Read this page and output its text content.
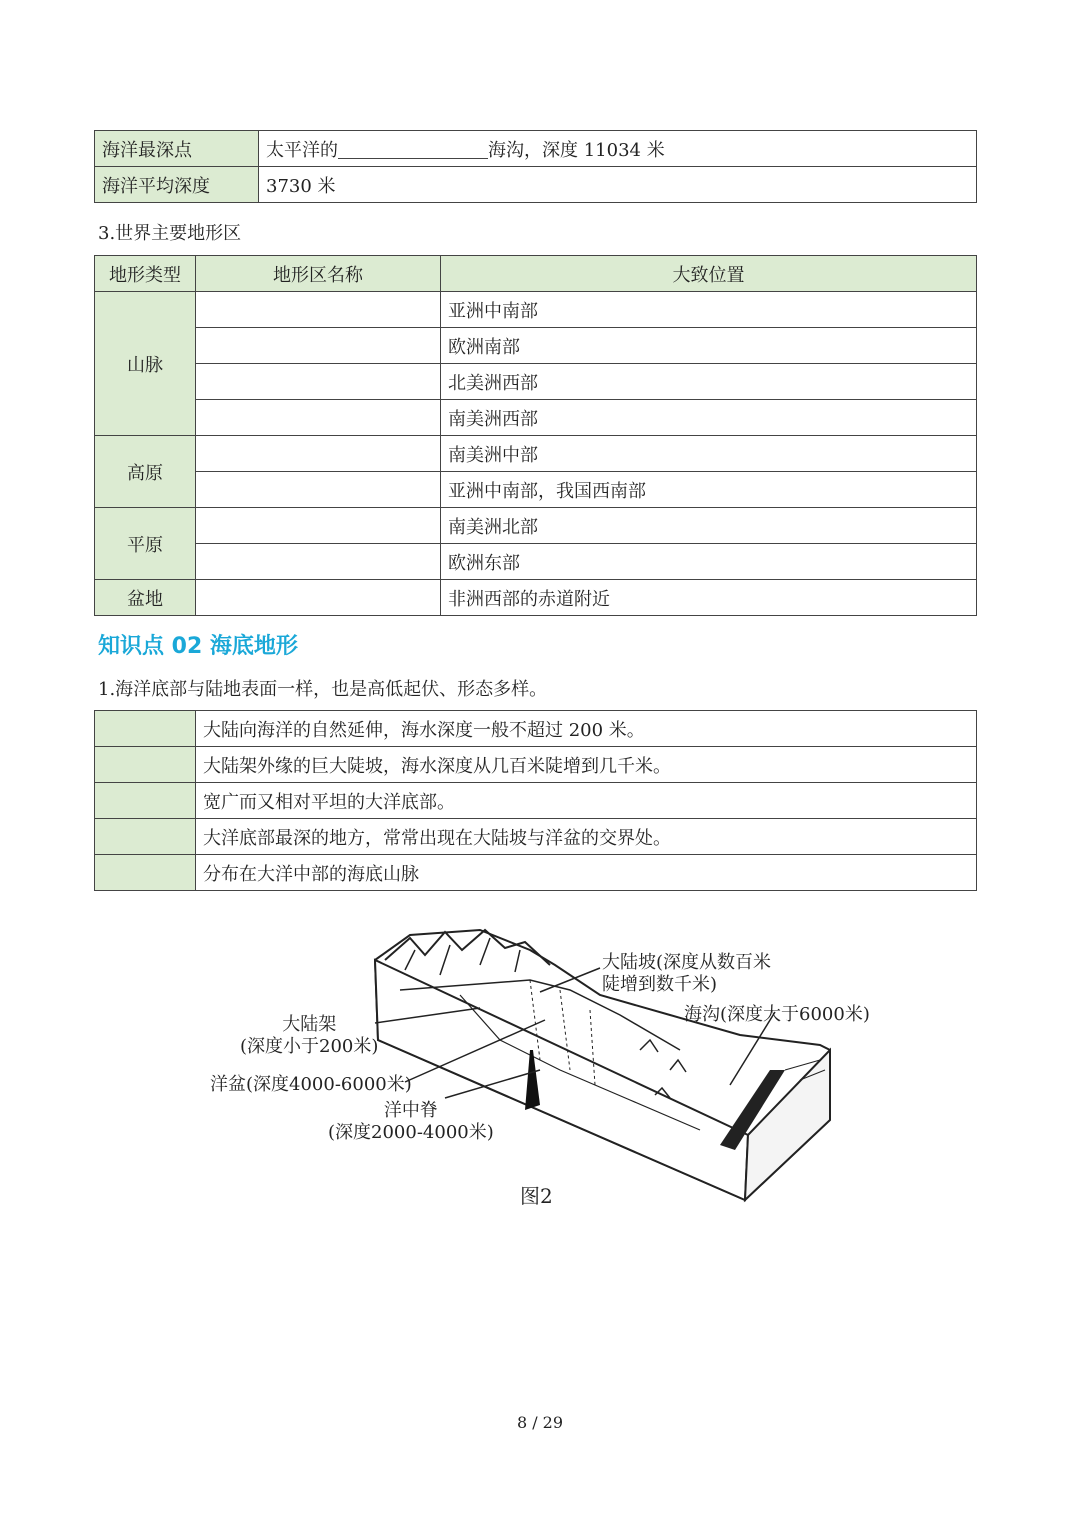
海洋最深点	太平洋的 海沟，深度 11034 米
海洋平均深度	3730 米
3.世界主要地形区
地形类型	地形区名称	大致位置
山脉		亚洲中南部
		欧洲南部
		北美洲西部
		南美洲西部
高原		南美洲中部
		亚洲中南部，我国西南部
平原		南美洲北部
		欧洲东部
盆地		非洲西部的赤道附近
知识点 02 海底地形
1.海洋底部与陆地表面一样，也是高低起伏、形态多样。
	大陆向海洋的自然延伸，海水深度一般不超过 200 米。
	大陆架外缘的巨大陡坡，海水深度从几百米陡增到几千米。
	宽广而又相对平坦的大洋底部。
	大洋底部最深的地方，常常出现在大陆坡与洋盆的交界处。
	分布在大洋中部的海底山脉
大陆坡(深度从数百米
陡增到数千米)
海沟(深度大于6000米)
大陆架
(深度小于200米)
洋盆(深度4000-6000米)
洋中脊
(深度2000-4000米)
图2
8 / 29
